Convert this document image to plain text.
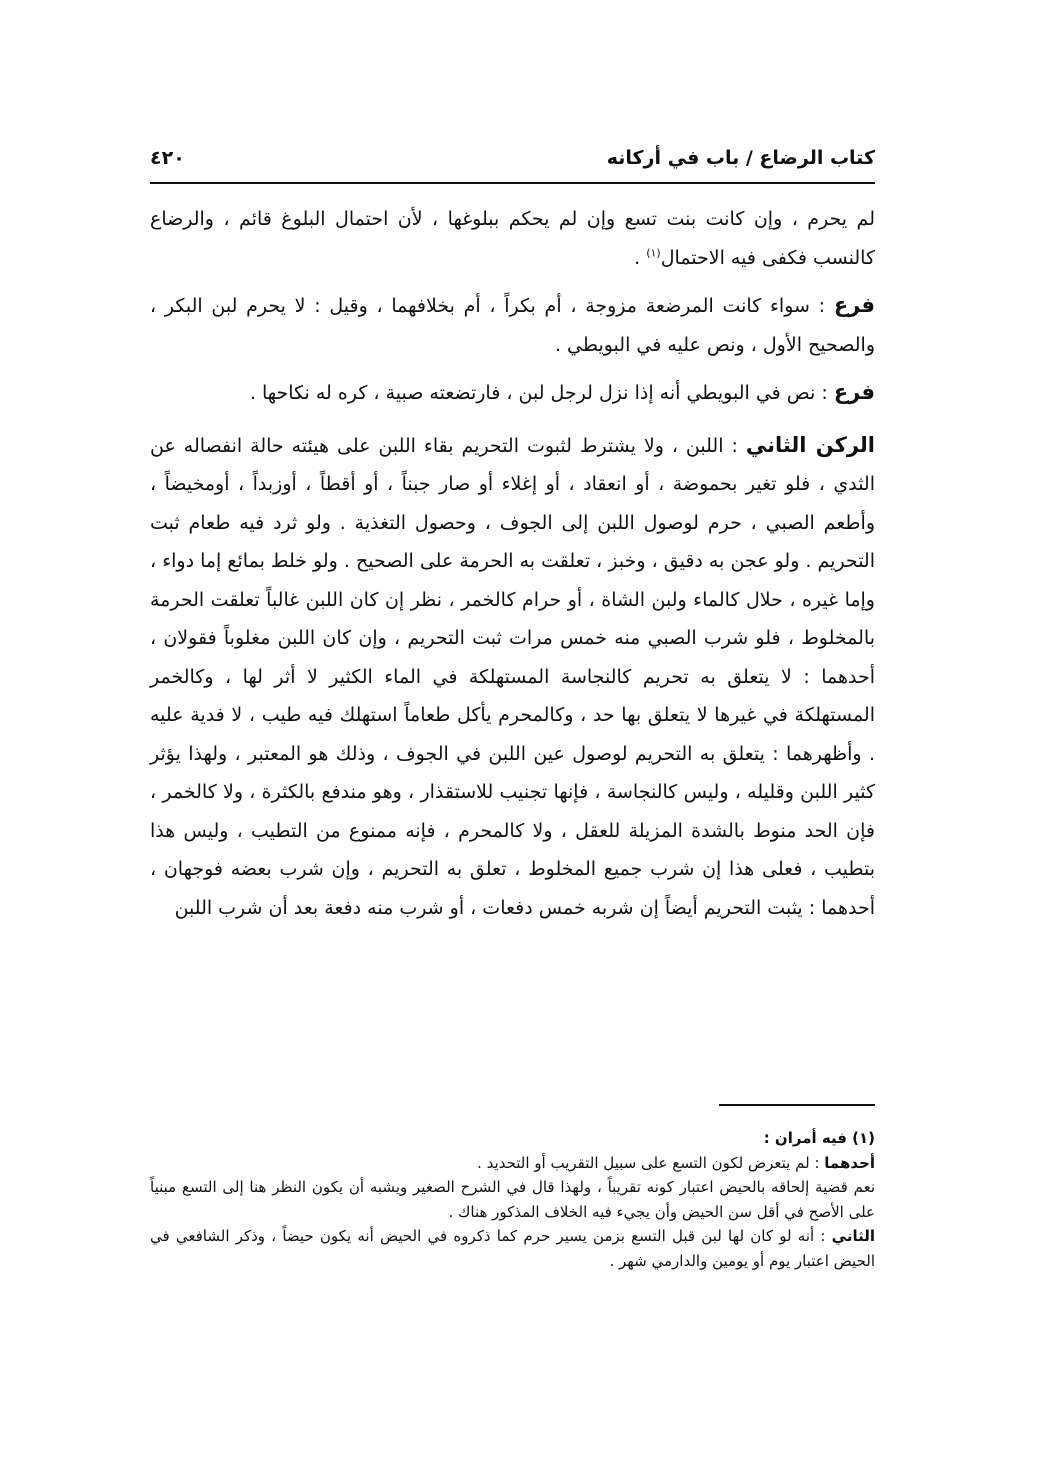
كتاب الرضاع / باب في أركانه
٤٢٠

لم يحرم ، وإن كانت بنت تسع وإن لم يحكم ببلوغها ، لأن احتمال البلوغ قائم ، والرضاع كالنسب فكفى فيه الاحتمال$^{(١)}$ .

فرع : سواء كانت المرضعة مزوجة ، أم بكراً ، أم بخلافهما ، وقيل : لا يحرم لبن البكر ، والصحيح الأول ، ونص عليه في البويطي .

فرع : نص في البويطي أنه إذا نزل لرجل لبن ، فارتضعته صبية ، كره له نكاحها .

الركن الثاني : اللبن ، ولا يشترط لثبوت التحريم بقاء اللبن على هيئته حالة انفصاله عن الثدي ، فلو تغير بحموضة ، أو انعقاد ، أو إغلاء أو صار جبناً ، أو أقطاً ، أوزبداً ، أومخيضاً ، وأطعم الصبي ، حرم لوصول اللبن إلى الجوف ، وحصول التغذية . ولو ثرد فيه طعام ثبت التحريم . ولو عجن به دقيق ، وخبز ، تعلقت به الحرمة على الصحيح . ولو خلط بمائع إما دواء ، وإما غيره ، حلال كالماء ولبن الشاة ، أو حرام كالخمر ، نظر إن كان اللبن غالباً تعلقت الحرمة بالمخلوط ، فلو شرب الصبي منه خمس مرات ثبت التحريم ، وإن كان اللبن مغلوباً فقولان ، أحدهما : لا يتعلق به تحريم كالنجاسة المستهلكة في الماء الكثير لا أثر لها ، وكالخمر المستهلكة في غيرها لا يتعلق بها حد ، وكالمحرم يأكل طعاماً استهلك فيه طيب ، لا فدية عليه . وأظهرهما : يتعلق به التحريم لوصول عين اللبن في الجوف ، وذلك هو المعتبر ، ولهذا يؤثر كثير اللبن وقليله ، وليس كالنجاسة ، فإنها تجنيب للاستقذار ، وهو مندفع بالكثرة ، ولا كالخمر ، فإن الحد منوط بالشدة المزيلة للعقل ، ولا كالمحرم ، فإنه ممنوع من التطيب ، وليس هذا بتطيب ، فعلى هذا إن شرب جميع المخلوط ، تعلق به التحريم ، وإن شرب بعضه فوجهان ، أحدهما : يثبت التحريم أيضاً إن شربه خمس دفعات ، أو شرب منه دفعة بعد أن شرب اللبن

(١) فيه أمران :

أحدهما : لم يتعرض لكون التسع على سبيل التقريب أو التحديد .

نعم قضية إلحاقه بالحيض اعتبار كونه تقريباً ، ولهذا قال في الشرح الصغير ويشبه أن يكون النظر هنا إلى التسع مبنياً على الأصح في أقل سن الحيض وأن يجيء فيه الخلاف المذكور هناك .

الثاني : أنه لو كان لها لبن قبل التسع بزمن يسير حرم كما ذكروه في الحيض أنه يكون حيضاً ، وذكر الشافعي في الحيض اعتبار يوم أو يومين والدارمي شهر .
